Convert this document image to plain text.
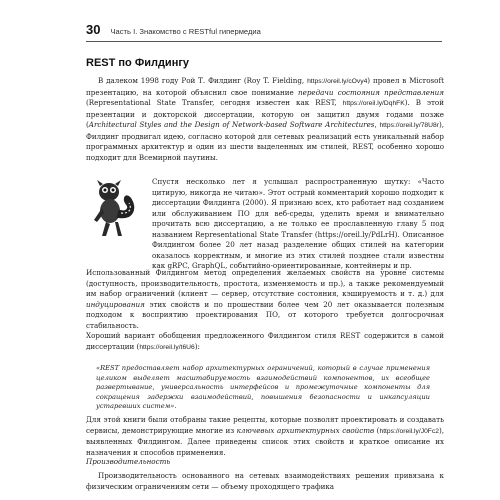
30 Часть I. Знакомство с RESTful гипермедиа
REST по Филдингу
В далеком 1998 году Рой Т. Филдинг (Roy T. Fielding, https://oreil.ly/cOvy4) провел в Microsoft презентацию, на которой объяснил свое понимание передачи состояния представления (Representational State Transfer, сегодня известен как REST, https://oreil.ly/DqhFK). В этой презентации и докторской диссертации, которую он защитил двумя годами позже (Architectural Styles and the Design of Network-based Software Architectures, https://oreil.ly/78U8r), Филдинг продвигал идею, согласно которой для сетевых реализаций есть уникальный набор программных архитектур и один из шести выделенных им стилей, REST, особенно хорошо подходит для Всемирной паутины.
Спустя несколько лет я услышал распространенную шутку: «Часто цитирую, никогда не читаю». Этот острый комментарий хорошо подходит к диссертации Филдинга (2000). Я признаю всех, кто работает над созданием или обслуживанием ПО для веб-среды, уделить время и внимательно прочитать всю диссертацию, а не только ее прославленную главу 5 под названием Representational State Transfer (https://oreil.ly/PdLrH). Описанное Филдингом более 20 лет назад разделение общих стилей на категории оказалось корректным, и многие из этих стилей позднее стали известны как gRPC, GraphQL, событийно-ориентированные, контейнеры и пр.
Использованный Филдингом метод определения желаемых свойств на уровне системы (доступность, производительность, простота, изменяемость и пр.), а также рекомендуемый им набор ограничений (клиент — сервер, отсутствие состояния, кэшируемость и т. д.) для индуцирования этих свойств и по прошествии более чем 20 лет оказывается полезным подходом к восприятию проектирования ПО, от которого требуется долгосрочная стабильность.
Хороший вариант обобщения предложенного Филдингом стиля REST содержится в самой диссертации (https://oreil.ly/t6U6):
«REST предоставляет набор архитектурных ограничений, который в случае применения целиком выделяет масштабируемость взаимодействий компонентов, их всеобщее развертывание, универсальность интерфейсов и промежуточные компоненты для сокращения задержки взаимодействий, повышения безопасности и инкапсуляции устаревших систем».
Для этой книги были отобраны такие рецепты, которые позволят проектировать и создавать сервисы, демонстрирующие многие из ключевых архитектурных свойств (https://oreil.ly/J0Fc2), выявленных Филдингом. Далее приведены список этих свойств и краткое описание их назначения и способов применения.
Производительность
Производительность основанного на сетевых взаимодействиях решения привязана к физическим ограничениям сети — объему проходящего трафика
